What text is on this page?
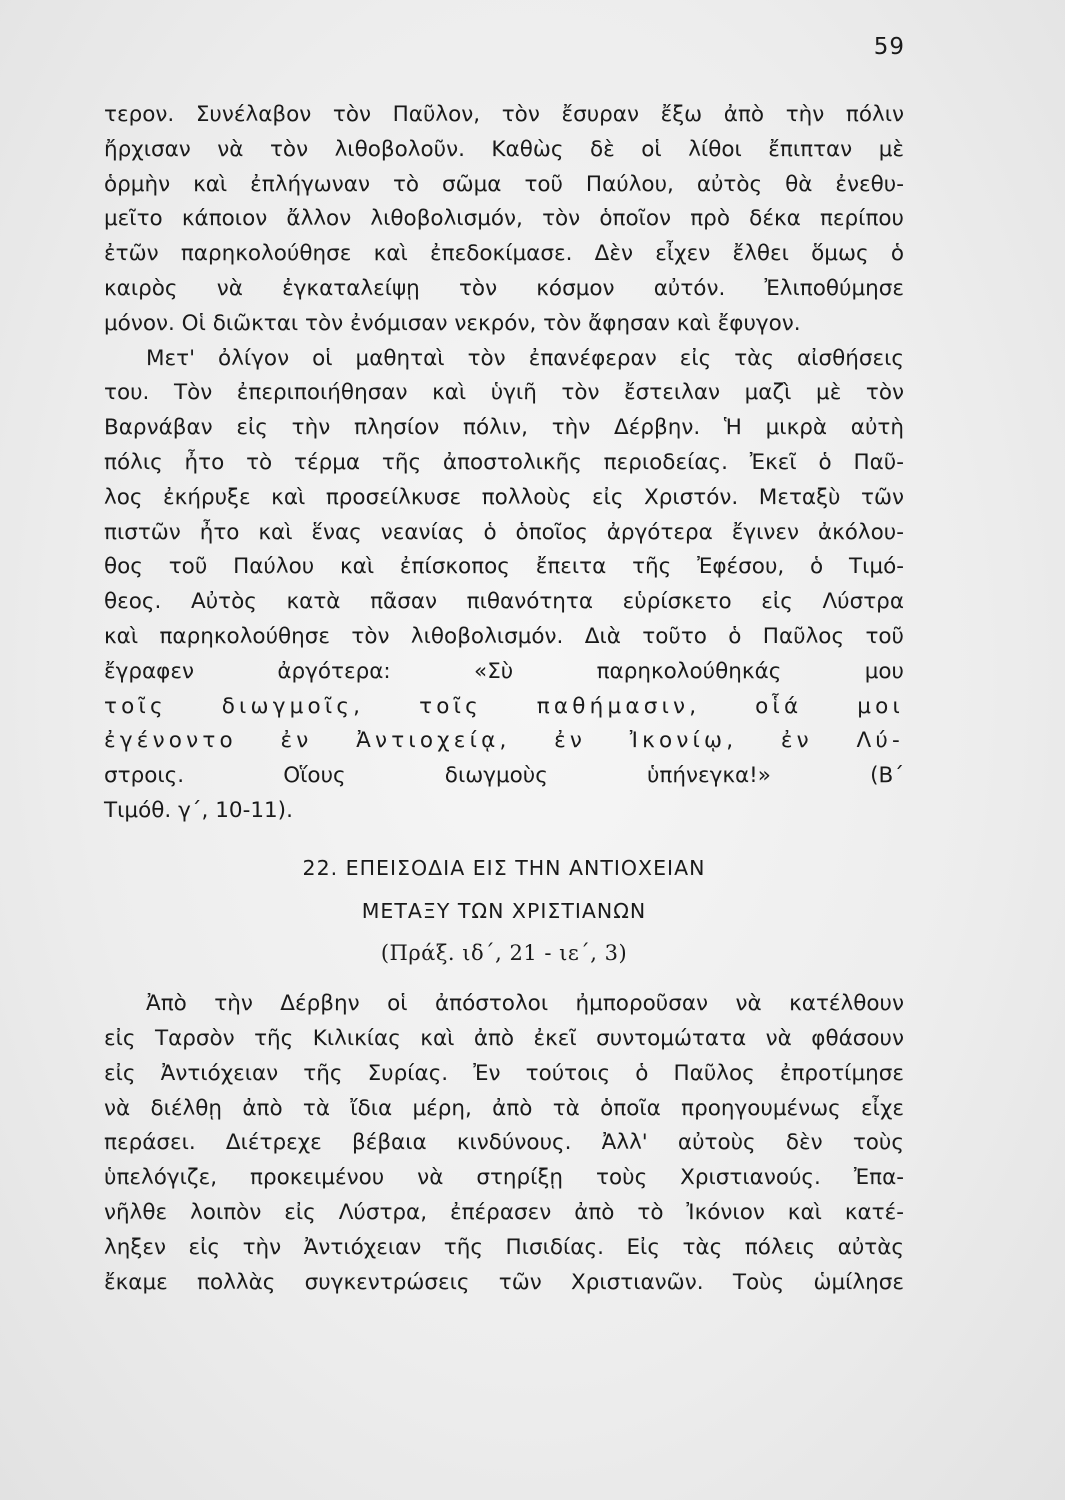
59
τερον. Συνέλαβον τὸν Παῦλον, τὸν ἔσυραν ἔξω ἀπὸ τὴν πόλιν
ἤρχισαν νὰ τὸν λιθοβολοῦν. Καθὼς δὲ οἱ λίθοι ἔπιπταν μὲ
ὁρμὴν καὶ ἐπλήγωναν τὸ σῶμα τοῦ Παύλου, αὐτὸς θὰ ἐνεθυ-
μεῖτο κάποιον ἄλλον λιθοβολισμόν, τὸν ὁποῖον πρὸ δέκα περίπου
ἐτῶν παρηκολούθησε καὶ ἐπεδοκίμασε. Δὲν εἶχεν ἔλθει ὅμως ὁ
καιρὸς νὰ ἐγκαταλείψῃ τὸν κόσμον αὐτόν. Ἐλιποθύμησε
μόνον. Οἱ διῶκται τὸν ἐνόμισαν νεκρόν, τὸν ἄφησαν καὶ ἔφυγον.
Μετ' ὀλίγον οἱ μαθηταὶ τὸν ἐπανέφεραν εἰς τὰς αἰσθήσεις
του. Τὸν ἐπεριποιήθησαν καὶ ὑγιῆ τὸν ἔστειλαν μαζὶ μὲ τὸν
Βαρνάβαν εἰς τὴν πλησίον πόλιν, τὴν Δέρβην. Ἡ μικρὰ αὐτὴ
πόλις ἦτο τὸ τέρμα τῆς ἀποστολικῆς περιοδείας. Ἐκεῖ ὁ Παῦ-
λος ἐκήρυξε καὶ προσείλκυσε πολλοὺς εἰς Χριστόν. Μεταξὺ τῶν
πιστῶν ἦτο καὶ ἕνας νεανίας ὁ ὁποῖος ἀργότερα ἔγινεν ἀκόλου-
θος τοῦ Παύλου καὶ ἐπίσκοπος ἔπειτα τῆς Ἐφέσου, ὁ Τιμό-
θεος. Αὐτὸς κατὰ πᾶσαν πιθανότητα εὑρίσκετο εἰς Λύστρα
καὶ παρηκολούθησε τὸν λιθοβολισμόν. Διὰ τοῦτο ὁ Παῦλος τοῦ
ἔγραφεν ἀργότερα: «Σὺ παρηκολούθηκάς μου
τοῖς διωγμοῖς, τοῖς παθήμασιν, οἷά μοι
ἐγένοντο ἐν Ἀντιοχείᾳ, ἐν Ἰκονίῳ, ἐν Λύ-
στροις. Οἵους διωγμοὺς ὑπήνεγκα!» (Β΄
Τιμόθ. γ΄, 10-11).
22. ΕΠΕΙΣΟΔΙΑ ΕΙΣ ΤΗΝ ΑΝΤΙΟΧΕΙΑΝ
ΜΕΤΑΞΥ ΤΩΝ ΧΡΙΣΤΙΑΝΩΝ
(Πράξ. ιδ΄, 21 - ιε΄, 3)
Ἀπὸ τὴν Δέρβην οἱ ἀπόστολοι ἠμποροῦσαν νὰ κατέλθουν
εἰς Ταρσὸν τῆς Κιλικίας καὶ ἀπὸ ἐκεῖ συντομώτατα νὰ φθάσουν
εἰς Ἀντιόχειαν τῆς Συρίας. Ἐν τούτοις ὁ Παῦλος ἐπροτίμησε
νὰ διέλθῃ ἀπὸ τὰ ἴδια μέρη, ἀπὸ τὰ ὁποῖα προηγουμένως εἶχε
περάσει. Διέτρεχε βέβαια κινδύνους. Ἀλλ' αὐτοὺς δὲν τοὺς
ὑπελόγιζε, προκειμένου νὰ στηρίξῃ τοὺς Χριστιανούς. Ἐπα-
νῆλθε λοιπὸν εἰς Λύστρα, ἐπέρασεν ἀπὸ τὸ Ἰκόνιον καὶ κατέ-
ληξεν εἰς τὴν Ἀντιόχειαν τῆς Πισιδίας. Εἰς τὰς πόλεις αὐτὰς
ἔκαμε πολλὰς συγκεντρώσεις τῶν Χριστιανῶν. Τοὺς ὡμίλησε
